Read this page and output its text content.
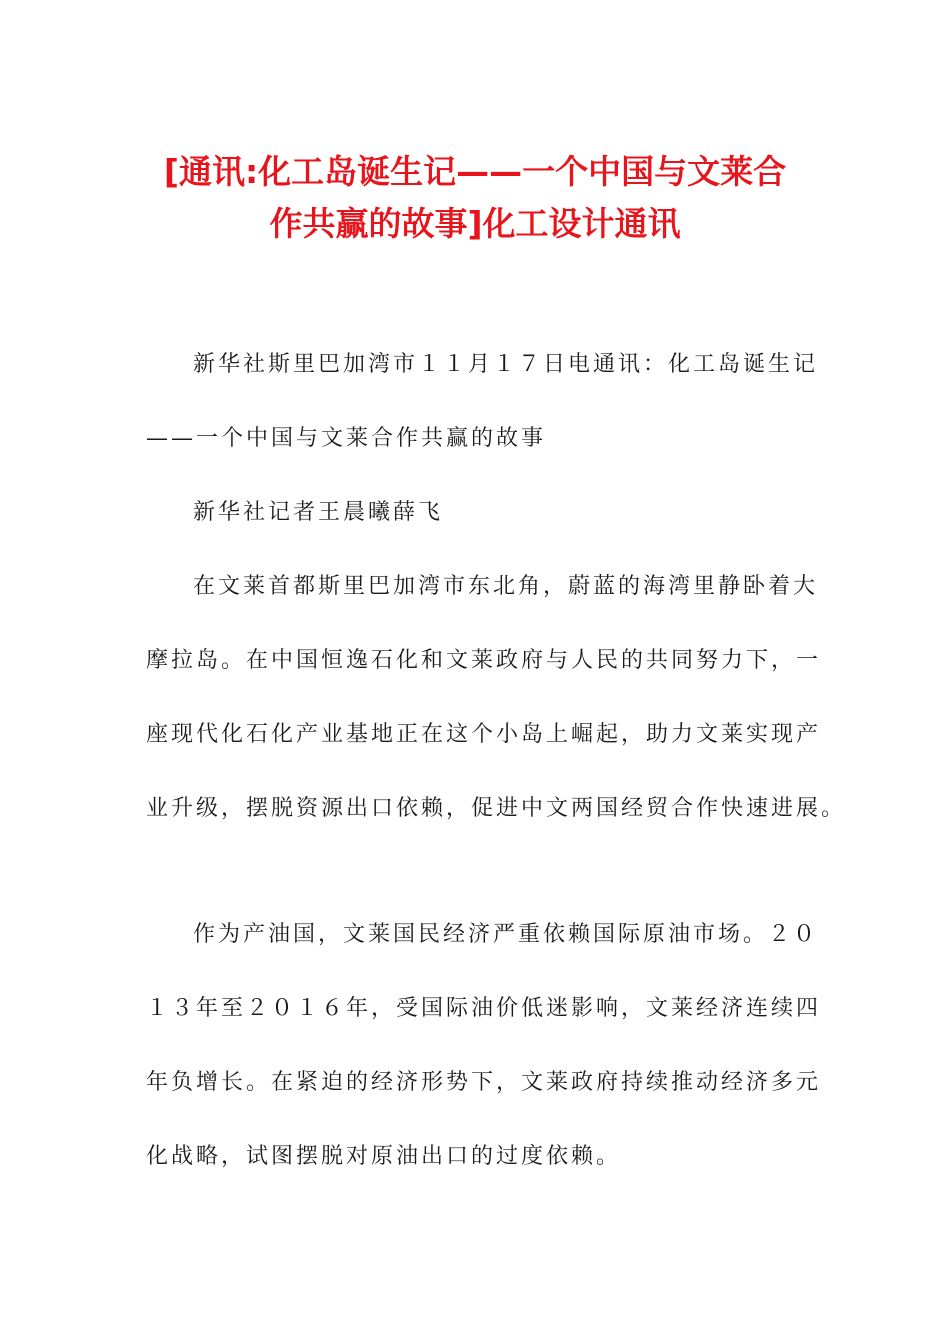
[通讯:化工岛诞生记——一个中国与文莱合
作共赢的故事]化工设计通讯
新华社斯里巴加湾市１１月１７日电通讯：化工岛诞生记
——一个中国与文莱合作共赢的故事
新华社记者王晨曦薛飞
在文莱首都斯里巴加湾市东北角，蔚蓝的海湾里静卧着大
摩拉岛。在中国恒逸石化和文莱政府与人民的共同努力下，一
座现代化石化产业基地正在这个小岛上崛起，助力文莱实现产
业升级，摆脱资源出口依赖，促进中文两国经贸合作快速进展。
作为产油国，文莱国民经济严重依赖国际原油市场。２０
１３年至２０１６年，受国际油价低迷影响，文莱经济连续四
年负增长。在紧迫的经济形势下，文莱政府持续推动经济多元
化战略，试图摆脱对原油出口的过度依赖。
